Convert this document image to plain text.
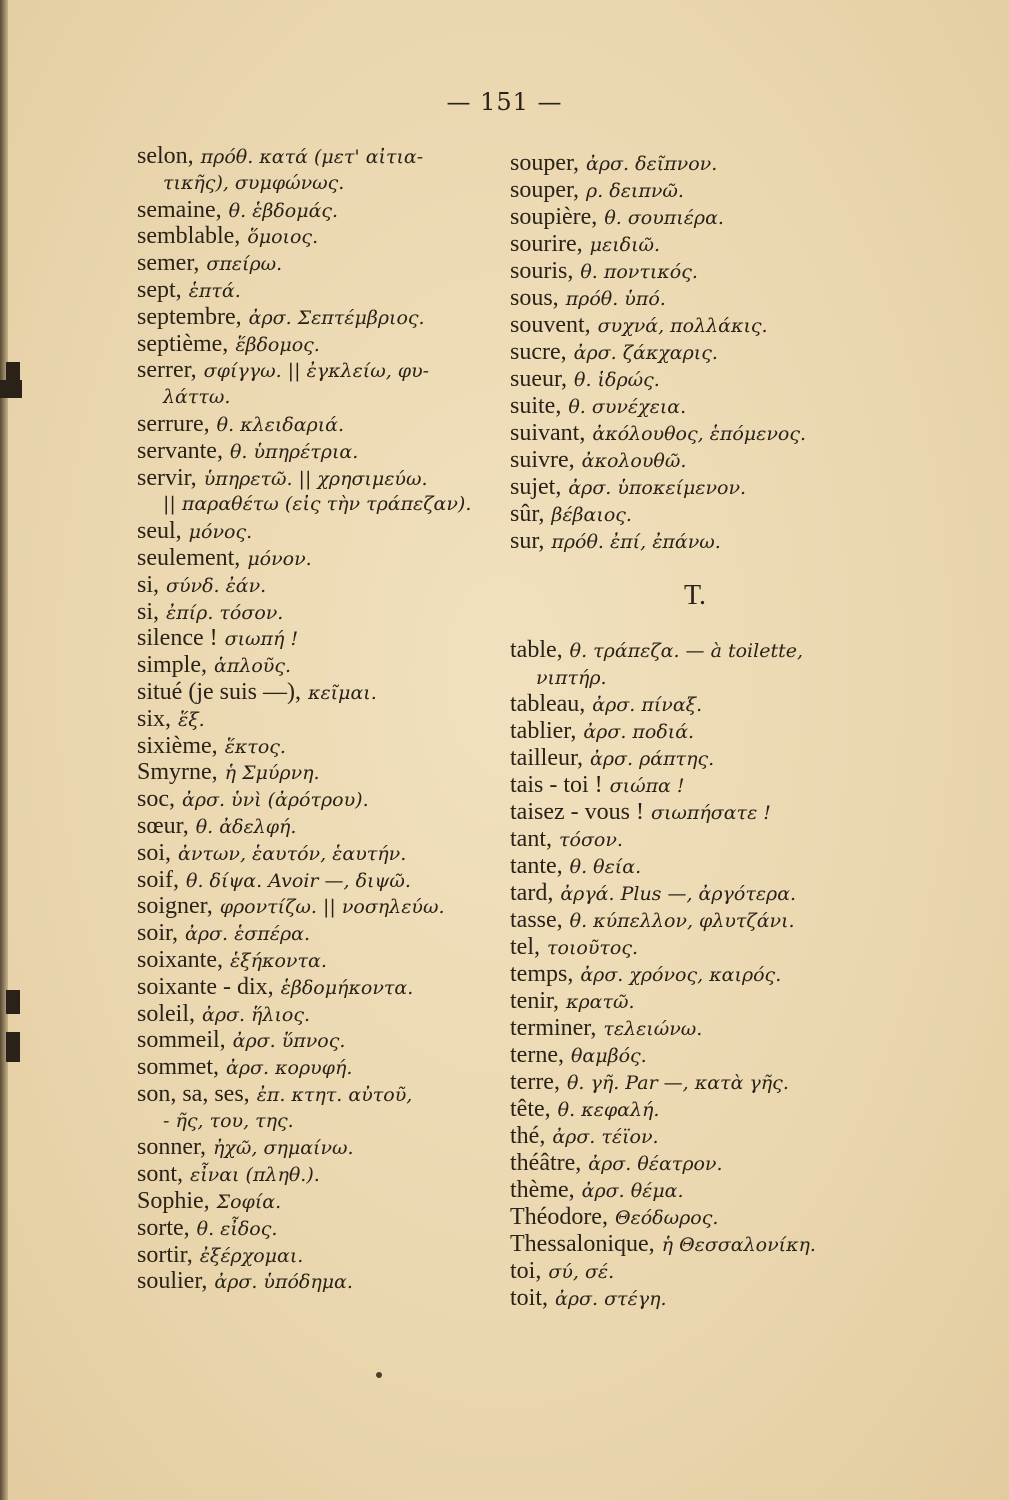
— 151 —
selon, πρόθ. κατά (μετ' αἰτια-
τικῆς), συμφώνως.
semaine, θ. ἑβδομάς.
semblable, ὅμοιος.
semer, σπείρω.
sept, ἑπτά.
septembre, ἀρσ. Σεπτέμβριος.
septième, ἕβδομος.
serrer, σφίγγω. || ἐγκλείω, φυ-
λάττω.
serrure, θ. κλειδαριά.
servante, θ. ὑπηρέτρια.
servir, ὑπηρετῶ. || χρησιμεύω.
|| παραθέτω (εἰς τὴν τράπεζαν).
seul, μόνος.
seulement, μόνον.
si, σύνδ. ἐάν.
si, ἐπίρ. τόσον.
silence ! σιωπή !
simple, ἁπλοῦς.
situé (je suis —), κεῖμαι.
six, ἕξ.
sixième, ἕκτος.
Smyrne, ἡ Σμύρνη.
soc, ἀρσ. ὑνὶ (ἀρότρου).
sœur, θ. ἀδελφή.
soi, ἀντων, ἑαυτόν, ἑαυτήν.
soif, θ. δίψα. Avoir —, διψῶ.
soigner, φροντίζω. || νοσηλεύω.
soir, ἀρσ. ἑσπέρα.
soixante, ἑξήκοντα.
soixante - dix, ἑβδομήκοντα.
soleil, ἀρσ. ἥλιος.
sommeil, ἀρσ. ὕπνος.
sommet, ἀρσ. κορυφή.
son, sa, ses, ἐπ. κτητ. αὐτοῦ,
- ῆς, του, της.
sonner, ἠχῶ, σημαίνω.
sont, εἶναι (πληθ.).
Sophie, Σοφία.
sorte, θ. εἶδος.
sortir, ἐξέρχομαι.
soulier, ἀρσ. ὑπόδημα.
souper, ἀρσ. δεῖπνον.
souper, ρ. δειπνῶ.
soupière, θ. σουπιέρα.
sourire, μειδιῶ.
souris, θ. ποντικός.
sous, πρόθ. ὑπό.
souvent, συχνά, πολλάκις.
sucre, ἀρσ. ζάκχαρις.
sueur, θ. ἱδρώς.
suite, θ. συνέχεια.
suivant, ἀκόλουθος, ἑπόμενος.
suivre, ἀκολουθῶ.
sujet, ἀρσ. ὑποκείμενον.
sûr, βέβαιος.
sur, πρόθ. ἐπί, ἐπάνω.
T.
table, θ. τράπεζα. — à toilette,
νιπτήρ.
tableau, ἀρσ. πίναξ.
tablier, ἀρσ. ποδιά.
tailleur, ἀρσ. ράπτης.
tais - toi ! σιώπα !
taisez - vous ! σιωπήσατε !
tant, τόσον.
tante, θ. θεία.
tard, ἀργά. Plus —, ἀργότερα.
tasse, θ. κύπελλον, φλυτζάνι.
tel, τοιοῦτος.
temps, ἀρσ. χρόνος, καιρός.
tenir, κρατῶ.
terminer, τελειώνω.
terne, θαμβός.
terre, θ. γῆ. Par —, κατὰ γῆς.
tête, θ. κεφαλή.
thé, ἀρσ. τέϊον.
théâtre, ἀρσ. θέατρον.
thème, ἀρσ. θέμα.
Théodore, Θεόδωρος.
Thessalonique, ἡ Θεσσαλονίκη.
toi, σύ, σέ.
toit, ἀρσ. στέγη.
